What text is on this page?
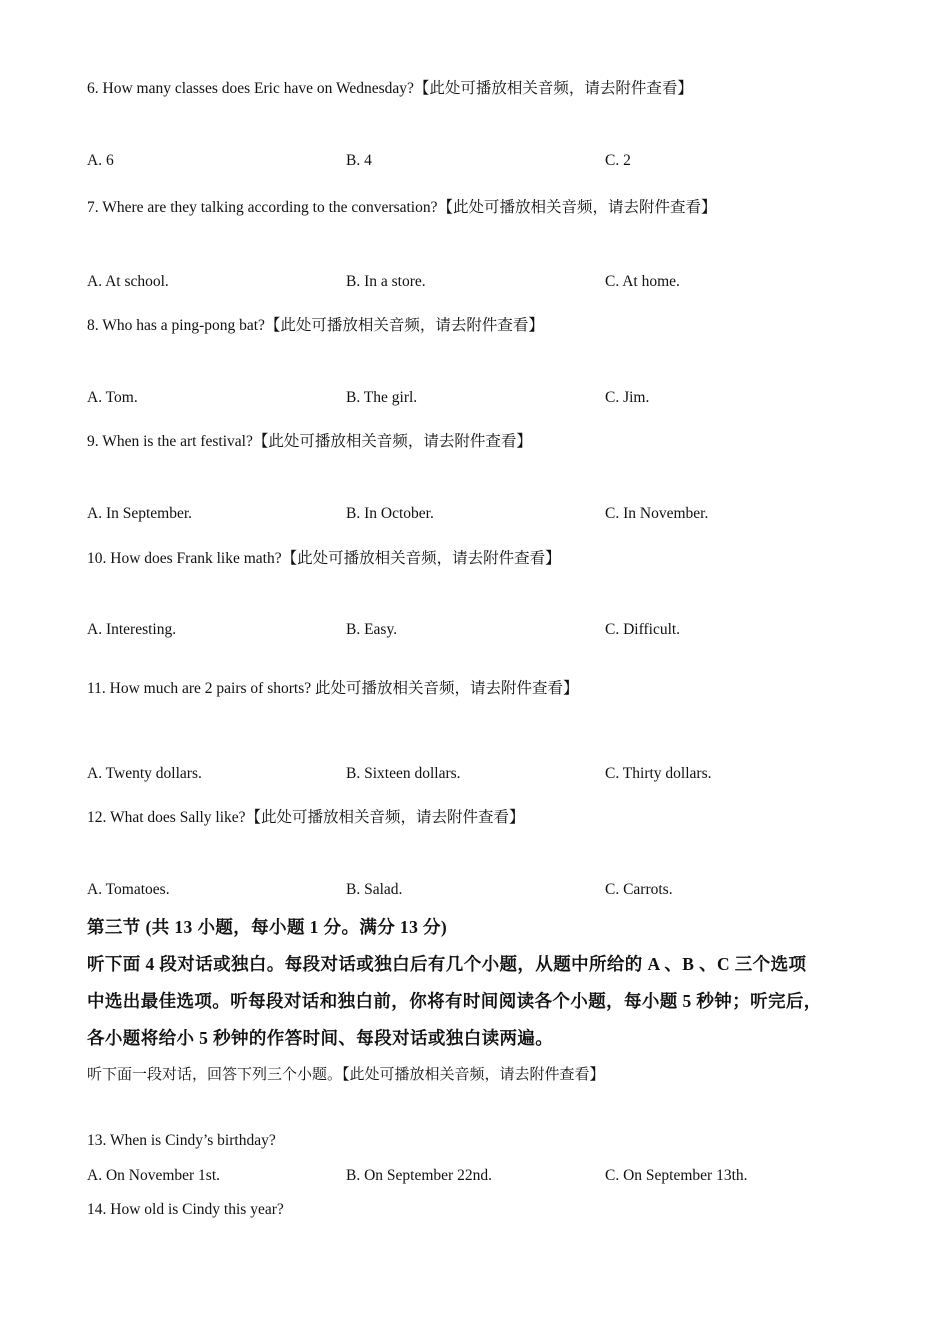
6. How many classes does Eric have on Wednesday?【此处可播放相关音频，请去附件查看】
A. 6	B. 4	C. 2
7. Where are they talking according to the conversation?【此处可播放相关音频，请去附件查看】
A. At school.	B. In a store.	C. At home.
8. Who has a ping-pong bat?【此处可播放相关音频，请去附件查看】
A. Tom.	B. The girl.	C. Jim.
9. When is the art festival?【此处可播放相关音频，请去附件查看】
A. In September.	B. In October.	C. In November.
10. How does Frank like math?【此处可播放相关音频，请去附件查看】
A. Interesting.	B. Easy.	C. Difficult.
11. How much are 2 pairs of shorts? 此处可播放相关音频，请去附件查看】
A. Twenty dollars.	B. Sixteen dollars.	C. Thirty dollars.
12. What does Sally like?【此处可播放相关音频，请去附件查看】
A. Tomatoes.	B. Salad.	C. Carrots.
第三节 (共 13 小题，每小题 1 分。满分 13 分)
听下面 4 段对话或独白。每段对话或独白后有几个小题，从题中所给的 A 、B 、C 三个选项
中选出最佳选项。听每段对话和独白前，你将有时间阅读各个小题，每小题 5 秒钟；听完后，
各小题将给小 5 秒钟的作答时间、每段对话或独白读两遍。
听下面一段对话，回答下列三个小题。【此处可播放相关音频，请去附件查看】
13. When is Cindy’s birthday?
A. On November 1st.	B. On September 22nd.	C. On September 13th.
14. How old is Cindy this year?
